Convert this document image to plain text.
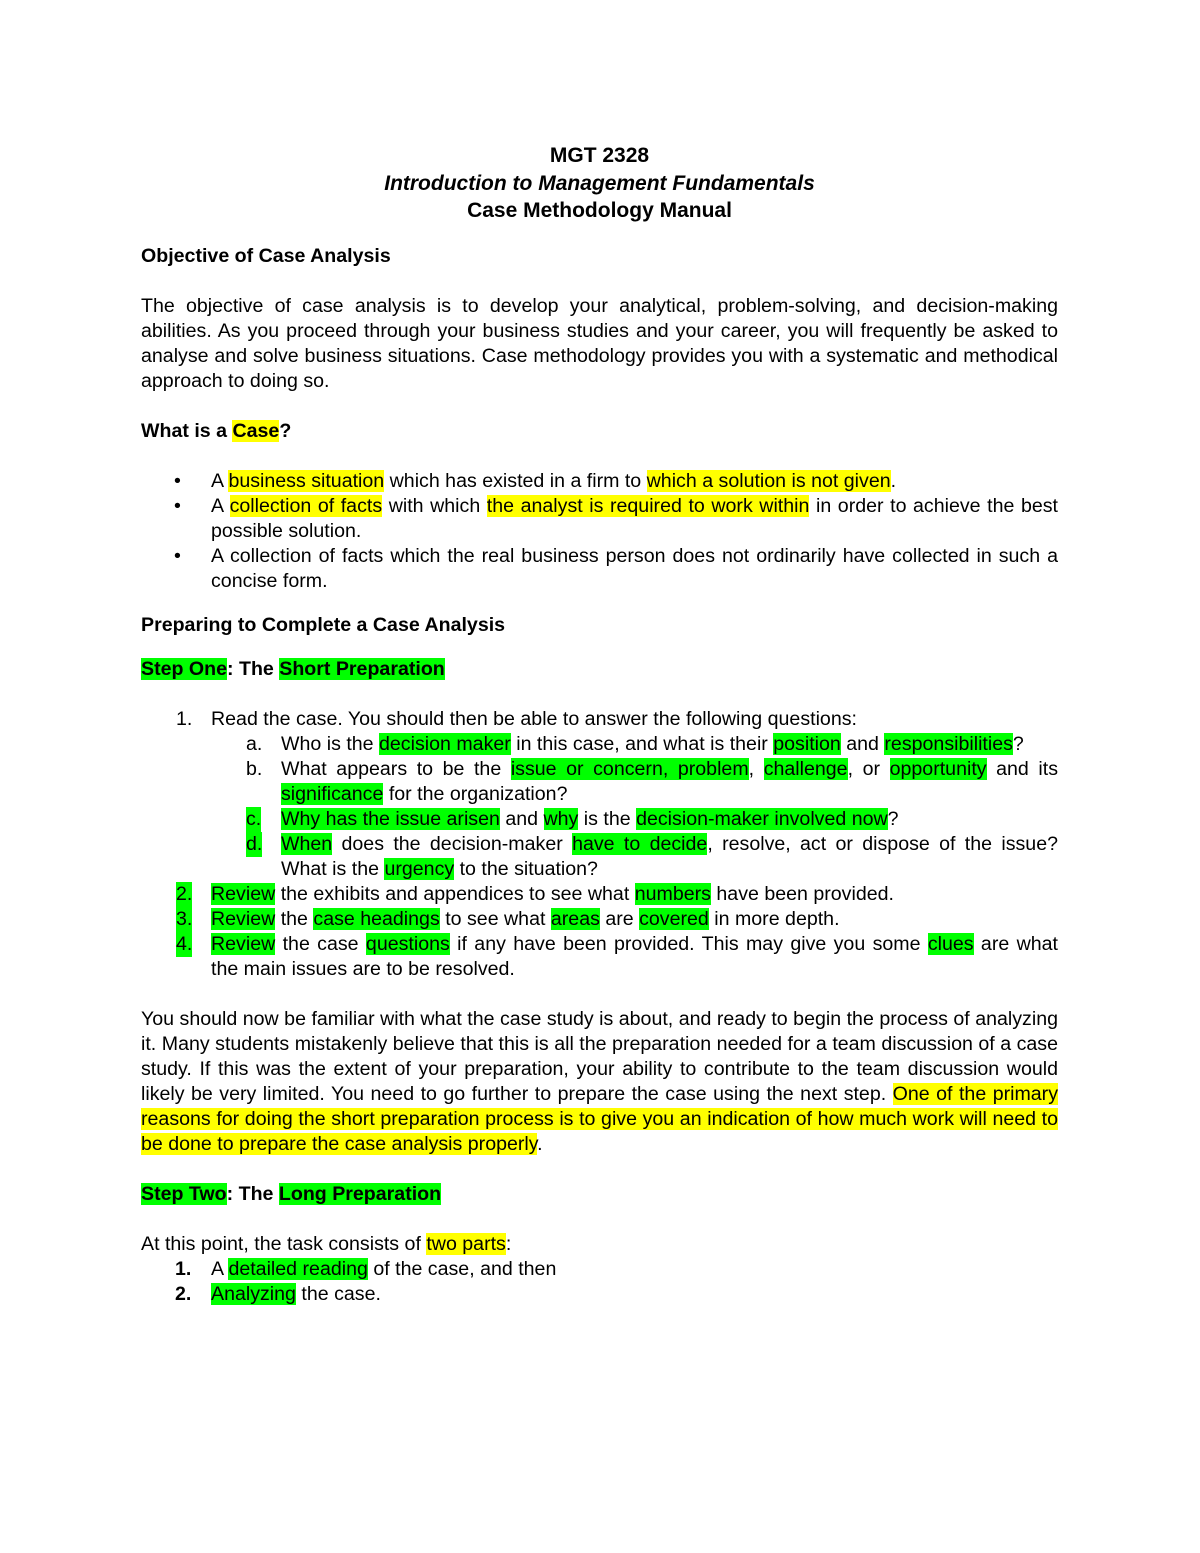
MGT 2328
Introduction to Management Fundamentals
Case Methodology Manual
Objective of Case Analysis

The objective of case analysis is to develop your analytical, problem-solving, and decision-making abilities. As you proceed through your business studies and your career, you will frequently be asked to analyse and solve business situations. Case methodology provides you with a systematic and methodical approach to doing so.

What is a Case?
• A business situation which has existed in a firm to which a solution is not given.
• A collection of facts with which the analyst is required to work within in order to achieve the best possible solution.
• A collection of facts which the real business person does not ordinarily have collected in such a concise form.
Preparing to Complete a Case Analysis
Step One: The Short Preparation
1. Read the case. You should then be able to answer the following questions:
a. Who is the decision maker in this case, and what is their position and responsibilities?
b. What appears to be the issue or concern, problem, challenge, or opportunity and its significance for the organization?
c. Why has the issue arisen and why is the decision-maker involved now?
d. When does the decision-maker have to decide, resolve, act or dispose of the issue? What is the urgency to the situation?
2. Review the exhibits and appendices to see what numbers have been provided.
3. Review the case headings to see what areas are covered in more depth.
4. Review the case questions if any have been provided. This may give you some clues are what the main issues are to be resolved.

You should now be familiar with what the case study is about, and ready to begin the process of analyzing it. Many students mistakenly believe that this is all the preparation needed for a team discussion of a case study. If this was the extent of your preparation, your ability to contribute to the team discussion would likely be very limited. You need to go further to prepare the case using the next step. One of the primary reasons for doing the short preparation process is to give you an indication of how much work will need to be done to prepare the case analysis properly.

Step Two: The Long Preparation

At this point, the task consists of two parts:

1. A detailed reading of the case, and then
2. Analyzing the case.
